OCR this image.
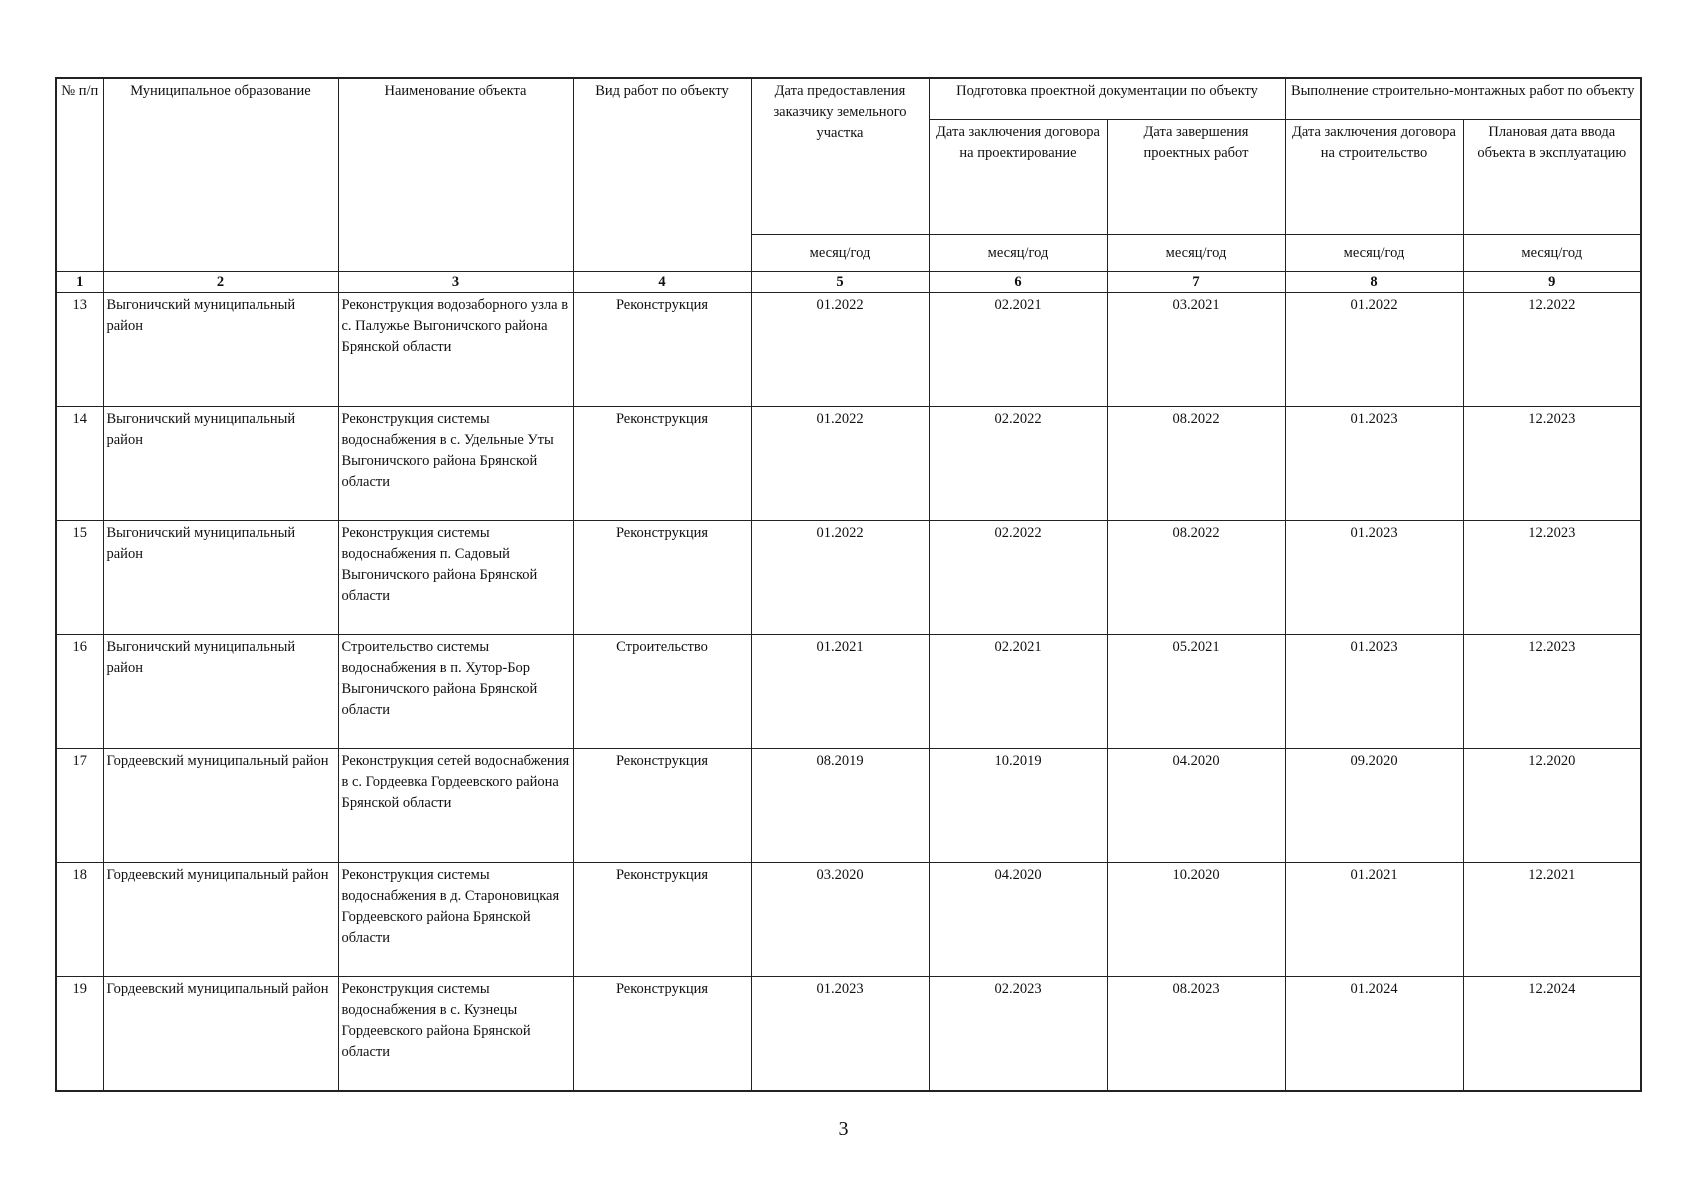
№ п/п	Муниципальное образование	Наименование объекта	Вид работ по объекту	Дата предоставления заказчику земельного участка	Подготовка проектной документации по объекту		Выполнение строительно-монтажных работ по объекту	
					Дата заключения договора на проектирование	Дата завершения проектных работ	Дата заключения договора на строительство	Плановая дата ввода объекта в эксплуатацию
				месяц/год	месяц/год	месяц/год	месяц/год	месяц/год
1	2	3	4	5	6	7	8	9
13	Выгоничский муниципальный район	Реконструкция водозаборного узла в с. Палужье Выгоничского района Брянской области	Реконструкция	01.2022	02.2021	03.2021	01.2022	12.2022
14	Выгоничский муниципальный район	Реконструкция системы водоснабжения в с. Удельные Уты Выгоничского района Брянской области	Реконструкция	01.2022	02.2022	08.2022	01.2023	12.2023
15	Выгоничский муниципальный район	Реконструкция системы водоснабжения п. Садовый Выгоничского района Брянской области	Реконструкция	01.2022	02.2022	08.2022	01.2023	12.2023
16	Выгоничский муниципальный район	Строительство системы водоснабжения в п. Хутор-Бор Выгоничского района Брянской области	Строительство	01.2021	02.2021	05.2021	01.2023	12.2023
17	Гордеевский муниципальный район	Реконструкция сетей водоснабжения в с. Гордеевка Гордеевского района Брянской области	Реконструкция	08.2019	10.2019	04.2020	09.2020	12.2020
18	Гордеевский муниципальный район	Реконструкция системы водоснабжения в д. Староновицкая Гордеевского района Брянской области	Реконструкция	03.2020	04.2020	10.2020	01.2021	12.2021
19	Гордеевский муниципальный район	Реконструкция системы водоснабжения в с. Кузнецы Гордеевского района Брянской области	Реконструкция	01.2023	02.2023	08.2023	01.2024	12.2024
3
